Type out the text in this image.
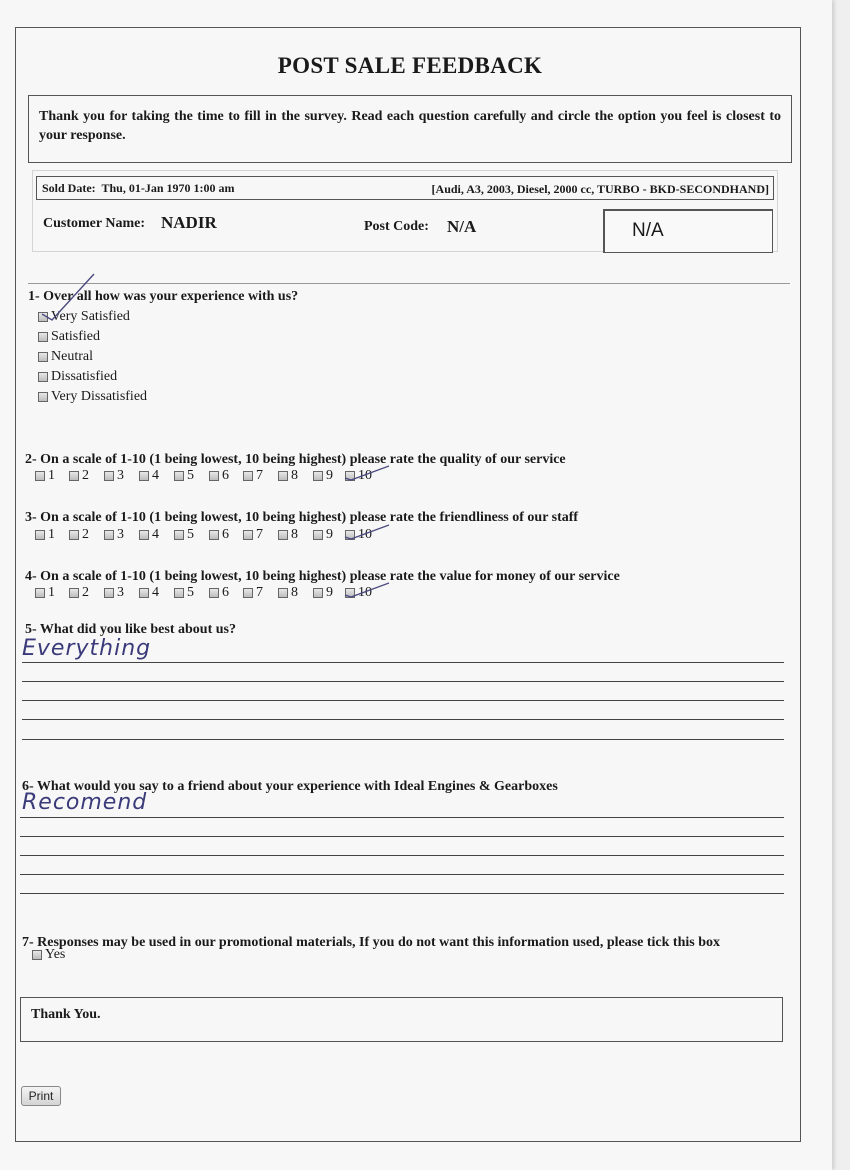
POST SALE FEEDBACK
Thank you for taking the time to fill in the survey. Read each question carefully and circle the option you feel is closest to your response.
Sold Date: Thu, 01-Jan 1970 1:00 am	[Audi, A3, 2003, Diesel, 2000 cc, TURBO - BKD-SECONDHAND]
Customer Name: NADIR	Post Code: N/A	N/A
1- Over all how was your experience with us?
Very Satisfied
Satisfied
Neutral
Dissatisfied
Very Dissatisfied
2- On a scale of 1-10 (1 being lowest, 10 being highest) please rate the quality of our service
1 2 3 4 5 6 7 8 9 10
3- On a scale of 1-10 (1 being lowest, 10 being highest) please rate the friendliness of our staff
1 2 3 4 5 6 7 8 9 10
4- On a scale of 1-10 (1 being lowest, 10 being highest) please rate the value for money of our service
1 2 3 4 5 6 7 8 9 10
5- What did you like best about us?
Everything
6- What would you say to a friend about your experience with Ideal Engines & Gearboxes
Recomend
7- Responses may be used in our promotional materials, If you do not want this information used, please tick this box
Yes
Thank You.
Print
